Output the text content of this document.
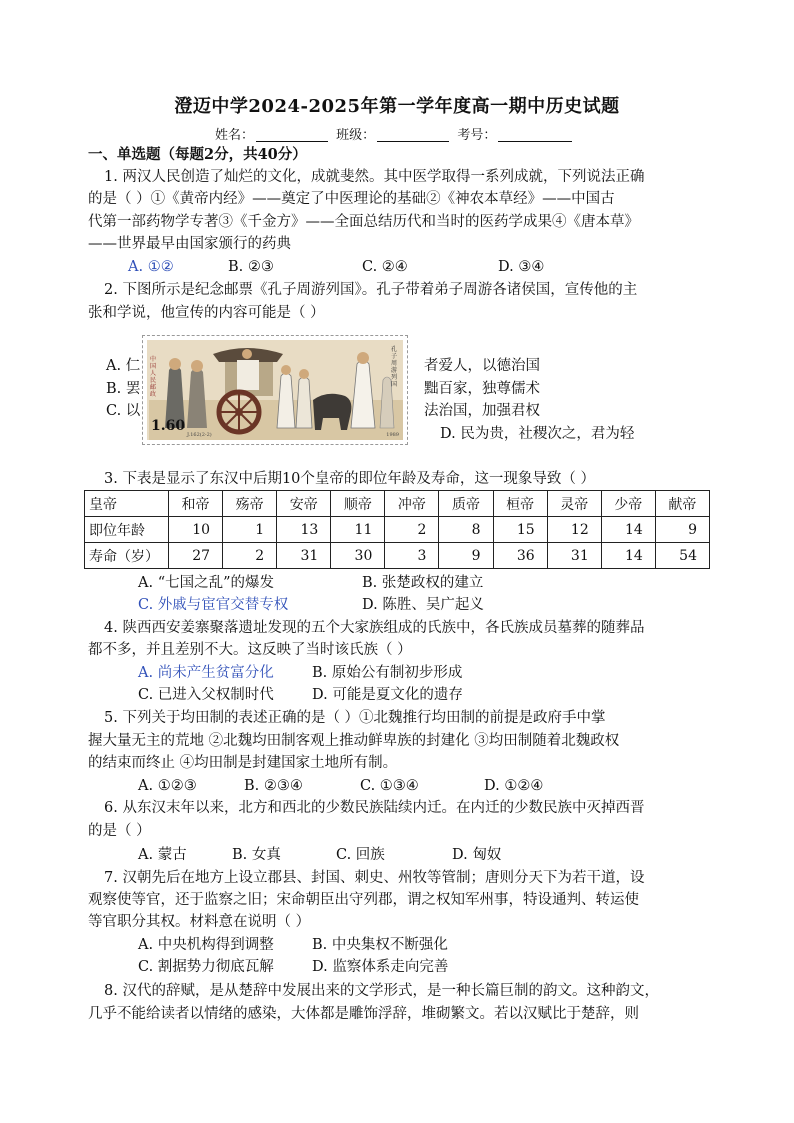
澄迈中学2024-2025年第一学年度高一期中历史试题
姓名：	班级：	考号：
一、单选题（每题2分，共40分）
1. 两汉人民创造了灿烂的文化，成就斐然。其中医学取得一系列成就，下列说法正确
的是（ ）①《黄帝内经》——奠定了中医理论的基础②《神农本草经》——中国古
代第一部药物学专著③《千金方》——全面总结历代和当时的医药学成果④《唐本草》
——世界最早由国家颁行的药典
A. ①②	B. ②③	C. ②④	D. ③④
2. 下图所示是纪念邮票《孔子周游列国》。孔子带着弟子周游各诸侯国，宣传他的主
张和学说，他宣传的内容可能是（ ）
A. 仁	者爱人，以德治国
B. 罢	黜百家，独尊儒术
C. 以	法治国，加强君权
D. 民为贵，社稷次之，君为轻
中国人民邮政
1.60
孔子周游列国
1989
J.162(2-2)
3. 下表是显示了东汉中后期10个皇帝的即位年龄及寿命，这一现象导致（ ）
皇帝	和帝	殇帝	安帝	顺帝	冲帝	质帝	桓帝	灵帝	少帝	献帝
即位年龄	10	1	13	11	2	8	15	12	14	9
寿命（岁）	27	2	31	30	3	9	36	31	14	54
A. “七国之乱”的爆发	B. 张楚政权的建立
C. 外戚与宦官交替专权	D. 陈胜、吴广起义
4. 陕西西安姜寨聚落遗址发现的五个大家族组成的氏族中，各氏族成员墓葬的随葬品
都不多，并且差别不大。这反映了当时该氏族（ ）
A. 尚未产生贫富分化	B. 原始公有制初步形成
C. 已进入父权制时代	D. 可能是夏文化的遗存
5. 下列关于均田制的表述正确的是（ ）①北魏推行均田制的前提是政府手中掌
握大量无主的荒地 ②北魏均田制客观上推动鲜卑族的封建化 ③均田制随着北魏政权
的结束而终止 ④均田制是封建国家土地所有制。
A. ①②③	B. ②③④	C. ①③④	D. ①②④
6. 从东汉末年以来，北方和西北的少数民族陆续内迁。在内迁的少数民族中灭掉西晋
的是（ ）
A. 蒙古	B. 女真	C. 回族	D. 匈奴
7. 汉朝先后在地方上设立郡县、封国、刺史、州牧等管制；唐则分天下为若干道，设
观察使等官，还于监察之旧；宋命朝臣出守列郡，谓之权知军州事，特设通判、转运使
等官职分其权。材料意在说明（ ）
A. 中央机构得到调整	B. 中央集权不断强化
C. 割据势力彻底瓦解	D. 监察体系走向完善
8. 汉代的辞赋，是从楚辞中发展出来的文学形式，是一种长篇巨制的韵文。这种韵文，
几乎不能给读者以情绪的感染，大体都是雕饰浮辞，堆砌繁文。若以汉赋比于楚辞，则
